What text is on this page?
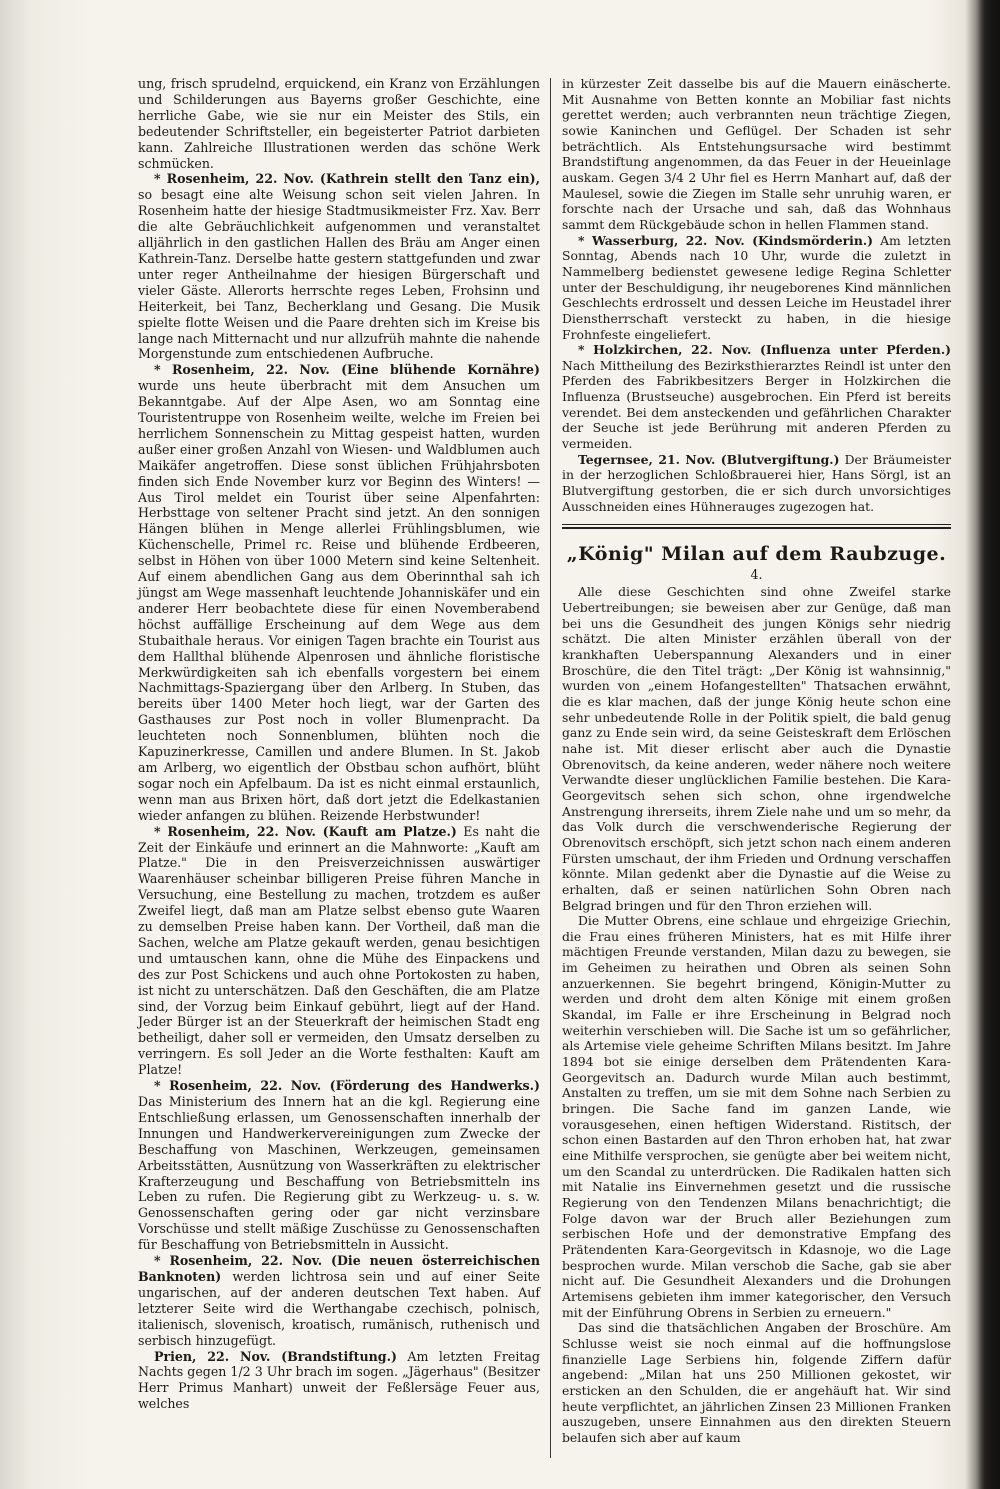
ung, frisch sprudelnd, erquickend, ein Kranz von Erzählungen und Schilderungen aus Bayerns großer Geschichte, eine herrliche Gabe, wie sie nur ein Meister des Stils, ein bedeutender Schriftsteller, ein begeisterter Patriot darbieten kann. Zahlreiche Illustrationen werden das schöne Werk schmücken.

* Rosenheim, 22. Nov. (Kathrein stellt den Tanz ein), so besagt eine alte Weisung schon seit vielen Jahren. In Rosenheim hatte der hiesige Stadtmusikmeister Frz. Xav. Berr die alte Gebräuchlichkeit aufgenommen und veranstaltet alljährlich in den gastlichen Hallen des Bräu am Anger einen Kathrein-Tanz. Derselbe hatte gestern stattgefunden und zwar unter reger Antheilnahme der hiesigen Bürgerschaft und vieler Gäste. Allerorts herrschte reges Leben, Frohsinn und Heiterkeit, bei Tanz, Becherklang und Gesang. Die Musik spielte flotte Weisen und die Paare drehten sich im Kreise bis lange nach Mitternacht und nur allzufrüh mahnte die nahende Morgenstunde zum entschiedenen Aufbruche.

* Rosenheim, 22. Nov. (Eine blühende Kornähre) wurde uns heute überbracht mit dem Ansuchen um Bekanntgabe. Auf der Alpe Asen, wo am Sonntag eine Touristentruppe von Rosenheim weilte, welche im Freien bei herrlichem Sonnenschein zu Mittag gespeist hatten, wurden außer einer großen Anzahl von Wiesen- und Waldblumen auch Maikäfer angetroffen. Diese sonst üblichen Frühjahrsboten finden sich Ende November kurz vor Beginn des Winters! — Aus Tirol meldet ein Tourist über seine Alpenfahrten: Herbsttage von seltener Pracht sind jetzt. An den sonnigen Hängen blühen in Menge allerlei Frühlingsblumen, wie Küchenschelle, Primel rc. Reise und blühende Erdbeeren, selbst in Höhen von über 1000 Metern sind keine Seltenheit. Auf einem abendlichen Gang aus dem Oberinnthal sah ich jüngst am Wege massenhaft leuchtende Johanniskäfer und ein anderer Herr beobachtete diese für einen Novemberabend höchst auffällige Erscheinung auf dem Wege aus dem Stubaithale heraus. Vor einigen Tagen brachte ein Tourist aus dem Hallthal blühende Alpenrosen und ähnliche floristische Merkwürdigkeiten sah ich ebenfalls vorgestern bei einem Nachmittags-Spaziergang über den Arlberg. In Stuben, das bereits über 1400 Meter hoch liegt, war der Garten des Gasthauses zur Post noch in voller Blumenpracht. Da leuchteten noch Sonnenblumen, blühten noch die Kapuzinerkresse, Camillen und andere Blumen. In St. Jakob am Arlberg, wo eigentlich der Obstbau schon aufhört, blüht sogar noch ein Apfelbaum. Da ist es nicht einmal erstaunlich, wenn man aus Brixen hört, daß dort jetzt die Edelkastanien wieder anfangen zu blühen. Reizende Herbstwunder!

* Rosenheim, 22. Nov. (Kauft am Platze.) Es naht die Zeit der Einkäufe und erinnert an die Mahnworte: „Kauft am Platze." Die in den Preisverzeichnissen auswärtiger Waarenhäuser scheinbar billigeren Preise führen Manche in Versuchung, eine Bestellung zu machen, trotzdem es außer Zweifel liegt, daß man am Platze selbst ebenso gute Waaren zu demselben Preise haben kann. Der Vortheil, daß man die Sachen, welche am Platze gekauft werden, genau besichtigen und umtauschen kann, ohne die Mühe des Einpackens und des zur Post Schickens und auch ohne Portokosten zu haben, ist nicht zu unterschätzen. Daß den Geschäften, die am Platze sind, der Vorzug beim Einkauf gebührt, liegt auf der Hand. Jeder Bürger ist an der Steuerkraft der heimischen Stadt eng betheiligt, daher soll er vermeiden, den Umsatz derselben zu verringern. Es soll Jeder an die Worte festhalten: Kauft am Platze!

* Rosenheim, 22. Nov. (Förderung des Handwerks.) Das Ministerium des Innern hat an die kgl. Regierung eine Entschließung erlassen, um Genossenschaften innerhalb der Innungen und Handwerkervereinigungen zum Zwecke der Beschaffung von Maschinen, Werkzeugen, gemeinsamen Arbeitsstätten, Ausnützung von Wasserkräften zu elektrischer Krafterzeugung und Beschaffung von Betriebsmitteln ins Leben zu rufen. Die Regierung gibt zu Werkzeug- u. s. w. Genossenschaften gering oder gar nicht verzinsbare Vorschüsse und stellt mäßige Zuschüsse zu Genossenschaften für Beschaffung von Betriebsmitteln in Aussicht.

* Rosenheim, 22. Nov. (Die neuen österreichischen Banknoten) werden lichtrosa sein und auf einer Seite ungarischen, auf der anderen deutschen Text haben. Auf letzterer Seite wird die Werthangabe czechisch, polnisch, italienisch, slovenisch, kroatisch, rumänisch, ruthenisch und serbisch hinzugefügt.

Prien, 22. Nov. (Brandstiftung.) Am letzten Freitag Nachts gegen 1/2 3 Uhr brach im sogen. „Jägerhaus" (Besitzer Herr Primus Manhart) unweit der Feßlersäge Feuer aus, welches

in kürzester Zeit dasselbe bis auf die Mauern einäscherte. Mit Ausnahme von Betten konnte an Mobiliar fast nichts gerettet werden; auch verbrannten neun trächtige Ziegen, sowie Kaninchen und Geflügel. Der Schaden ist sehr beträchtlich. Als Entstehungsursache wird bestimmt Brandstiftung angenommen, da das Feuer in der Heueinlage auskam. Gegen 3/4 2 Uhr fiel es Herrn Manhart auf, daß der Maulesel, sowie die Ziegen im Stalle sehr unruhig waren, er forschte nach der Ursache und sah, daß das Wohnhaus sammt dem Rückgebäude schon in hellen Flammen stand.

* Wasserburg, 22. Nov. (Kindsmörderin.) Am letzten Sonntag, Abends nach 10 Uhr, wurde die zuletzt in Nammelberg bedienstet gewesene ledige Regina Schletter unter der Beschuldigung, ihr neugeborenes Kind männlichen Geschlechts erdrosselt und dessen Leiche im Heustadel ihrer Dienstherrschaft versteckt zu haben, in die hiesige Frohnfeste eingeliefert.

* Holzkirchen, 22. Nov. (Influenza unter Pferden.) Nach Mittheilung des Bezirksthierarztes Reindl ist unter den Pferden des Fabrikbesitzers Berger in Holzkirchen die Influenza (Brustseuche) ausgebrochen. Ein Pferd ist bereits verendet. Bei dem ansteckenden und gefährlichen Charakter der Seuche ist jede Berührung mit anderen Pferden zu vermeiden.

Tegernsee, 21. Nov. (Blutvergiftung.) Der Bräumeister in der herzoglichen Schloßbrauerei hier, Hans Sörgl, ist an Blutvergiftung gestorben, die er sich durch unvorsichtiges Ausschneiden eines Hühnerauges zugezogen hat.

„König" Milan auf dem Raubzuge.
4.

Alle diese Geschichten sind ohne Zweifel starke Uebertreibungen; sie beweisen aber zur Genüge, daß man bei uns die Gesundheit des jungen Königs sehr niedrig schätzt. Die alten Minister erzählen überall von der krankhaften Ueberspannung Alexanders und in einer Broschüre, die den Titel trägt: „Der König ist wahnsinnig," wurden von „einem Hofangestellten" Thatsachen erwähnt, die es klar machen, daß der junge König heute schon eine sehr unbedeutende Rolle in der Politik spielt, die bald genug ganz zu Ende sein wird, da seine Geisteskraft dem Erlöschen nahe ist. Mit dieser erlischt aber auch die Dynastie Obrenovitsch, da keine anderen, weder nähere noch weitere Verwandte dieser unglücklichen Familie bestehen. Die Kara-Georgevitsch sehen sich schon, ohne irgendwelche Anstrengung ihrerseits, ihrem Ziele nahe und um so mehr, da das Volk durch die verschwenderische Regierung der Obrenovitsch erschöpft, sich jetzt schon nach einem anderen Fürsten umschaut, der ihm Frieden und Ordnung verschaffen könnte. Milan gedenkt aber die Dynastie auf die Weise zu erhalten, daß er seinen natürlichen Sohn Obren nach Belgrad bringen und für den Thron erziehen will.

Die Mutter Obrens, eine schlaue und ehrgeizige Griechin, die Frau eines früheren Ministers, hat es mit Hilfe ihrer mächtigen Freunde verstanden, Milan dazu zu bewegen, sie im Geheimen zu heirathen und Obren als seinen Sohn anzuerkennen. Sie begehrt bringend, Königin-Mutter zu werden und droht dem alten Könige mit einem großen Skandal, im Falle er ihre Erscheinung in Belgrad noch weiterhin verschieben will. Die Sache ist um so gefährlicher, als Artemise viele geheime Schriften Milans besitzt. Im Jahre 1894 bot sie einige derselben dem Prätendenten Kara-Georgevitsch an. Dadurch wurde Milan auch bestimmt, Anstalten zu treffen, um sie mit dem Sohne nach Serbien zu bringen. Die Sache fand im ganzen Lande, wie vorausgesehen, einen heftigen Widerstand. Ristitsch, der schon einen Bastarden auf den Thron erhoben hat, hat zwar eine Mithilfe versprochen, sie genügte aber bei weitem nicht, um den Scandal zu unterdrücken. Die Radikalen hatten sich mit Natalie ins Einvernehmen gesetzt und die russische Regierung von den Tendenzen Milans benachrichtigt; die Folge davon war der Bruch aller Beziehungen zum serbischen Hofe und der demonstrative Empfang des Prätendenten Kara-Georgevitsch in Kdasnoje, wo die Lage besprochen wurde. Milan verschob die Sache, gab sie aber nicht auf. Die Gesundheit Alexanders und die Drohungen Artemisens gebieten ihm immer kategorischer, den Versuch mit der Einführung Obrens in Serbien zu erneuern."

Das sind die thatsächlichen Angaben der Broschüre. Am Schlusse weist sie noch einmal auf die hoffnungslose finanzielle Lage Serbiens hin, folgende Ziffern dafür angebend: „Milan hat uns 250 Millionen gekostet, wir ersticken an den Schulden, die er angehäuft hat. Wir sind heute verpflichtet, an jährlichen Zinsen 23 Millionen Franken auszugeben, unsere Einnahmen aus den direkten Steuern belaufen sich aber auf kaum
